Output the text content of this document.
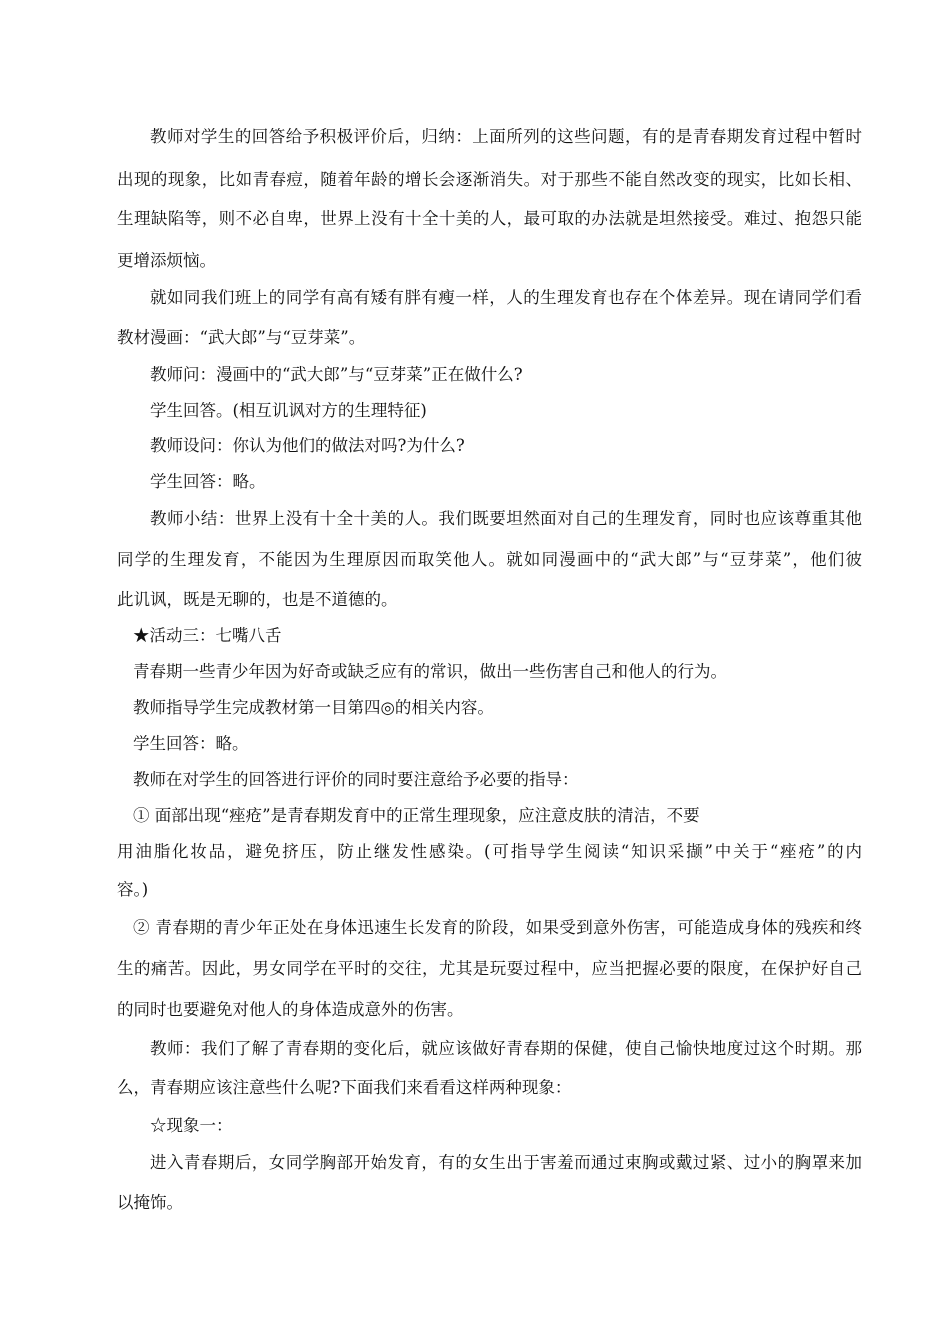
教师对学生的回答给予积极评价后，归纳：上面所列的这些问题，有的是青春期发育过程中暂时
出现的现象，比如青春痘，随着年龄的增长会逐渐消失。对于那些不能自然改变的现实，比如长相、
生理缺陷等，则不必自卑，世界上没有十全十美的人，最可取的办法就是坦然接受。难过、抱怨只能
更增添烦恼。
就如同我们班上的同学有高有矮有胖有瘦一样，人的生理发育也存在个体差异。现在请同学们看
教材漫画：“武大郎”与“豆芽菜”。
教师问：漫画中的“武大郎”与“豆芽菜”正在做什么?
学生回答。(相互讥讽对方的生理特征)
教师设问：你认为他们的做法对吗?为什么?
学生回答：略。
教师小结：世界上没有十全十美的人。我们既要坦然面对自己的生理发育，同时也应该尊重其他
同学的生理发育，不能因为生理原因而取笑他人。就如同漫画中的“武大郎”与“豆芽菜”，他们彼
此讥讽，既是无聊的，也是不道德的。
★活动三：七嘴八舌
青春期一些青少年因为好奇或缺乏应有的常识，做出一些伤害自己和他人的行为。
教师指导学生完成教材第一目第四◎的相关内容。
学生回答：略。
教师在对学生的回答进行评价的同时要注意给予必要的指导：
① 面部出现“痤疮”是青春期发育中的正常生理现象，应注意皮肤的清洁，不要
用油脂化妆品，避免挤压，防止继发性感染。(可指导学生阅读“知识采撷”中关于“痤疮”的内
容。)
② 青春期的青少年正处在身体迅速生长发育的阶段，如果受到意外伤害，可能造成身体的残疾和终
生的痛苦。因此，男女同学在平时的交往，尤其是玩耍过程中，应当把握必要的限度，在保护好自己
的同时也要避免对他人的身体造成意外的伤害。
教师：我们了解了青春期的变化后，就应该做好青春期的保健，使自己愉快地度过这个时期。那
么，青春期应该注意些什么呢?下面我们来看看这样两种现象：
☆现象一：
进入青春期后，女同学胸部开始发育，有的女生出于害羞而通过束胸或戴过紧、过小的胸罩来加
以掩饰。
